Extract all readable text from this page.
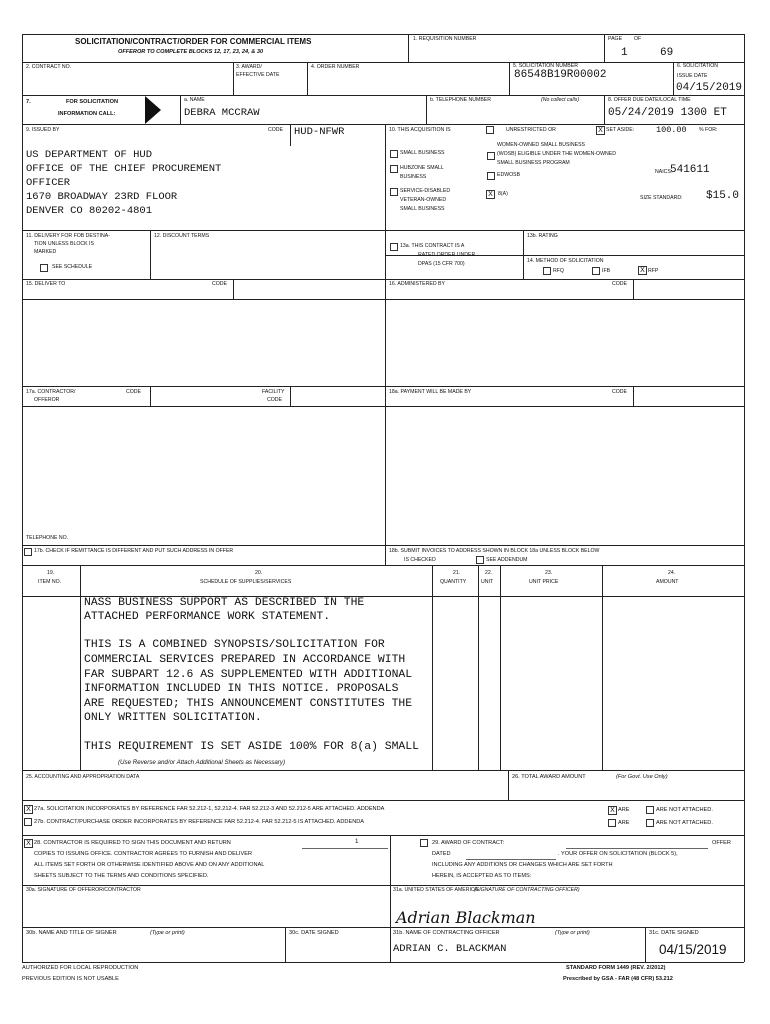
SOLICITATION/CONTRACT/ORDER FOR COMMERCIAL ITEMS
OFFEROR TO COMPLETE BLOCKS 12, 17, 23, 24, & 30
1. REQUISITION NUMBER	PAGE OF
1	69
2. CONTRACT NO.	3. AWARD/
EFFECTIVE DATE
4. ORDER NUMBER	5. SOLICITATION NUMBER
86548B19R00002
6. SOLICITATION
ISSUE DATE
04/15/2019
7.	FOR SOLICITATION
INFORMATION CALL:
a. NAME
DEBRA MCCRAW
b. TELEPHONE NUMBER	(No collect calls)	8. OFFER DUE DATE/LOCAL TIME
05/24/2019 1300 ET
9. ISSUED BY	CODE HUD-NFWR
US DEPARTMENT OF HUD
OFFICE OF THE CHIEF PROCUREMENT
OFFICER
1670 BROADWAY 23RD FLOOR
DENVER CO 80202-4801
10. THIS ACQUISITION IS	UNRESTRICTED OR	X SET ASIDE:	100.00 % FOR:
SMALL BUSINESS
WOMEN-OWNED SMALL BUSINESS
(WOSB) ELIGIBLE UNDER THE WOMEN-OWNED
SMALL BUSINESS PROGRAM
HUBZONE SMALL
BUSINESS	EDWOSB	NAICS:
541611
SERVICE-DISABLED
VETERAN-OWNED
SMALL BUSINESS
X 8(A)
SIZE STANDARD: $15.0
11. DELIVERY FOR FOB DESTINA-
TION UNLESS BLOCK IS
MARKED
SEE SCHEDULE
12. DISCOUNT TERMS
13a. THIS CONTRACT IS A
RATED ORDER UNDER
DPAS (15 CFR 700)
13b. RATING
14. METHOD OF SOLICITATION
RFQ	IFB	X RFP
15. DELIVER TO	CODE	16. ADMINISTERED BY	CODE
17a. CONTRACTOR/
OFFEROR
CODE	FACILITY
CODE
18a. PAYMENT WILL BE MADE BY	CODE
TELEPHONE NO.
17b. CHECK IF REMITTANCE IS DIFFERENT AND PUT SUCH ADDRESS IN OFFER	18b. SUBMIT INVOICES TO ADDRESS SHOWN IN BLOCK 18a UNLESS BLOCK BELOW
IS CHECKED	SEE ADDENDUM
19.
ITEM NO.
20.
SCHEDULE OF SUPPLIES/SERVICES
21.
QUANTITY
22.
UNIT
23.
UNIT PRICE
24.
AMOUNT
NASS BUSINESS SUPPORT AS DESCRIBED IN THE
ATTACHED PERFORMANCE WORK STATEMENT.
THIS IS A COMBINED SYNOPSIS/SOLICITATION FOR
COMMERCIAL SERVICES PREPARED IN ACCORDANCE WITH
FAR SUBPART 12.6 AS SUPPLEMENTED WITH ADDITIONAL
INFORMATION INCLUDED IN THIS NOTICE. PROPOSALS
ARE REQUESTED; THIS ANNOUNCEMENT CONSTITUTES THE
ONLY WRITTEN SOLICITATION.
THIS REQUIREMENT IS SET ASIDE 100% FOR 8(a) SMALL
(Use Reverse and/or Attach Additional Sheets as Necessary)
25. ACCOUNTING AND APPROPRIATION DATA	26. TOTAL AWARD AMOUNT	(For Govt. Use Only)
X 27a. SOLICITATION INCORPORATES BY REFERENCE FAR 52.212-1, 52.212-4. FAR 52.212-3 AND 52.212-5 ARE ATTACHED. ADDENDA
27b. CONTRACT/PURCHASE ORDER INCORPORATES BY REFERENCE FAR 52.212-4. FAR 52.212-5 IS ATTACHED. ADDENDA
X ARE	ARE NOT ATTACHED.
ARE	ARE NOT ATTACHED.
X 28. CONTRACTOR IS REQUIRED TO SIGN THIS DOCUMENT AND RETURN	1
COPIES TO ISSUING OFFICE. CONTRACTOR AGREES TO FURNISH AND DELIVER
ALL ITEMS SET FORTH OR OTHERWISE IDENTIFIED ABOVE AND ON ANY ADDITIONAL
SHEETS SUBJECT TO THE TERMS AND CONDITIONS SPECIFIED.
29. AWARD OF CONTRACT:	OFFER
DATED	. YOUR OFFER ON SOLICITATION (BLOCK 5),
INCLUDING ANY ADDITIONS OR CHANGES WHICH ARE SET FORTH
HEREIN, IS ACCEPTED AS TO ITEMS:
30a. SIGNATURE OF OFFEROR/CONTRACTOR	31a. UNITED STATES OF AMERICA
(SIGNATURE OF CONTRACTING OFFICER)
Adrian Blackman
30b. NAME AND TITLE OF SIGNER	(Type or print)	30c. DATE SIGNED	31b. NAME OF CONTRACTING OFFICER	(Type or print)
ADRIAN C. BLACKMAN
31c. DATE SIGNED
04/15/2019
AUTHORIZED FOR LOCAL REPRODUCTION
PREVIOUS EDITION IS NOT USABLE
STANDARD FORM 1449 (REV. 2/2012)
Prescribed by GSA - FAR (48 CFR) 53.212
